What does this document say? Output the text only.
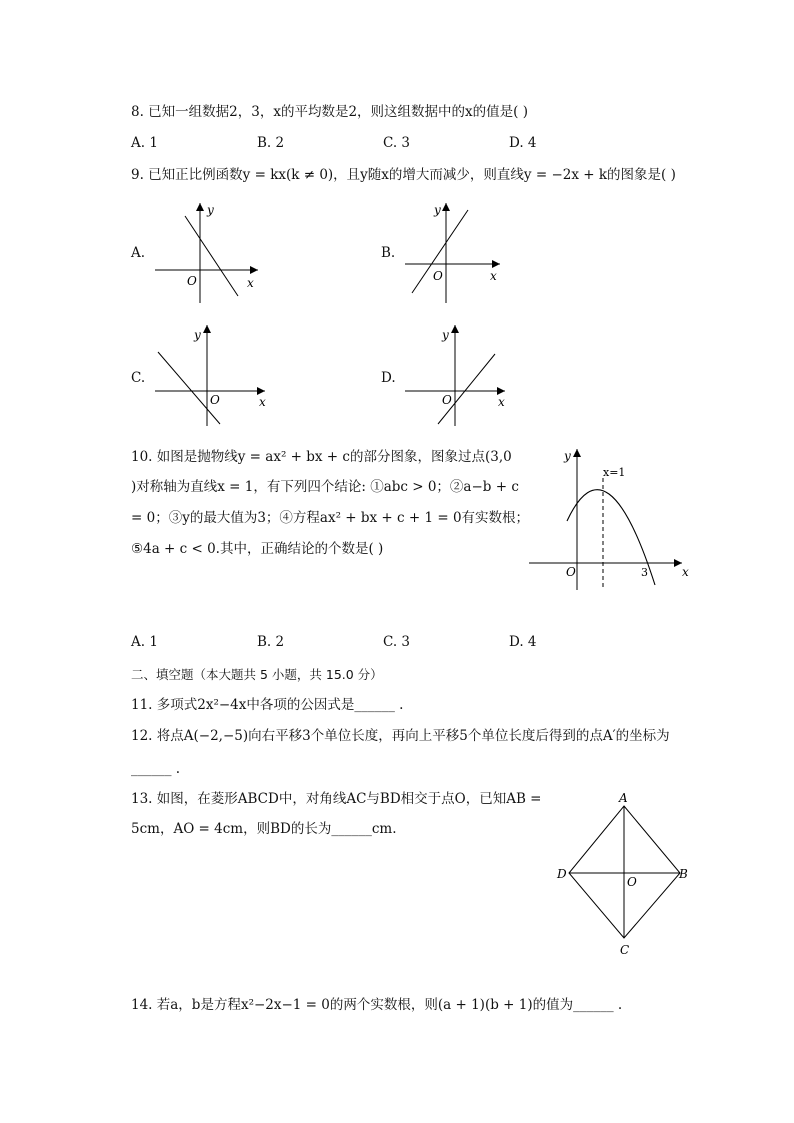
8. 已知一组数据2，3，x的平均数是2，则这组数据中的x的值是( )
A. 1	B. 2	C. 3	D. 4
9. 已知正比例函数y = kx(k ≠ 0)，且y随x的增大而减少，则直线y = −2x + k的图象是( )
A.
y
x
O
B.
y
x
O
C.
y
x
O
D.
y
x
O
10. 如图是抛物线y = ax² + bx + c的部分图象，图象过点(3,0
)对称轴为直线x = 1，有下列四个结论: ①abc > 0；②a−b + c
= 0；③y的最大值为3；④方程ax² + bx + c + 1 = 0有实数根；
⑤4a + c < 0.其中，正确结论的个数是( )
y
x
O
x=1
3
A. 1	B. 2	C. 3	D. 4
二、填空题（本大题共 5 小题，共 15.0 分）
11. 多项式2x²−4x中各项的公因式是______ .
12. 将点A(−2,−5)向右平移3个单位长度，再向上平移5个单位长度后得到的点A′的坐标为
______ .
13. 如图，在菱形ABCD中，对角线AC与BD相交于点O，已知AB =
5cm，AO = 4cm，则BD的长为______cm.
A
B
C
D
O
14. 若a，b是方程x²−2x−1 = 0的两个实数根，则(a + 1)(b + 1)的值为______ .
